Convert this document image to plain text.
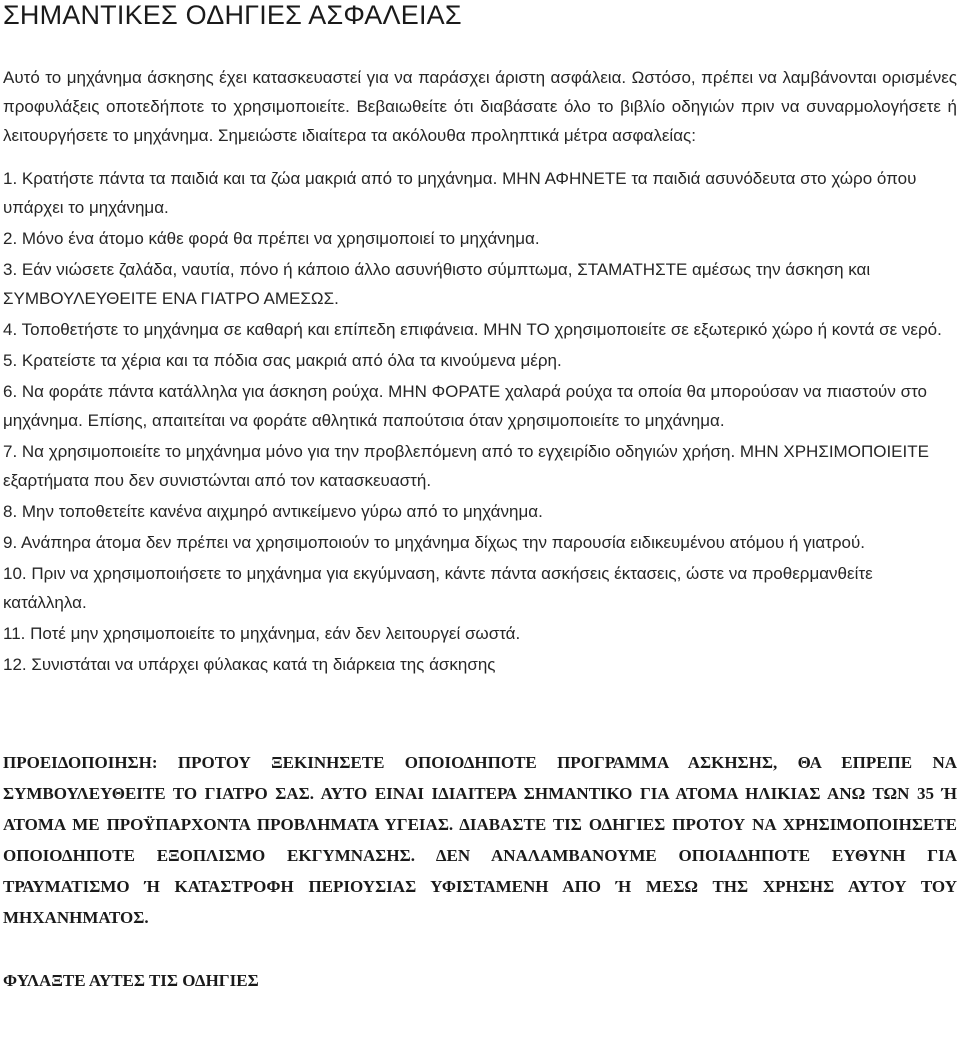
ΣΗΜΑΝΤΙΚΕΣ ΟΔΗΓΙΕΣ ΑΣΦΑΛΕΙΑΣ

Αυτό το μηχάνημα άσκησης έχει κατασκευαστεί για να παράσχει άριστη ασφάλεια. Ωστόσο, πρέπει να λαμβάνονται ορισμένες προφυλάξεις οποτεδήποτε το χρησιμοποιείτε. Βεβαιωθείτε ότι διαβάσατε όλο το βιβλίο οδηγιών πριν να συναρμολογήσετε ή λειτουργήσετε το μηχάνημα. Σημειώστε ιδιαίτερα τα ακόλουθα προληπτικά μέτρα ασφαλείας:

1. Κρατήστε πάντα τα παιδιά και τα ζώα μακριά από το μηχάνημα. ΜΗΝ ΑΦΗΝΕΤΕ τα παιδιά ασυνόδευτα στο χώρο όπου υπάρχει το μηχάνημα.
2. Μόνο ένα άτομο κάθε φορά θα πρέπει να χρησιμοποιεί το μηχάνημα.
3. Εάν νιώσετε ζαλάδα, ναυτία, πόνο ή κάποιο άλλο ασυνήθιστο σύμπτωμα, ΣΤΑΜΑΤΗΣΤΕ αμέσως την άσκηση και ΣΥΜΒΟΥΛΕΥΘΕΙΤΕ ΕΝΑ ΓΙΑΤΡΟ ΑΜΕΣΩΣ.
4. Τοποθετήστε το μηχάνημα σε καθαρή και επίπεδη επιφάνεια. ΜΗΝ ΤΟ χρησιμοποιείτε σε εξωτερικό χώρο ή κοντά σε νερό.
5. Κρατείστε τα χέρια και τα πόδια σας μακριά από όλα τα κινούμενα μέρη.
6. Να φοράτε πάντα κατάλληλα για άσκηση ρούχα. ΜΗΝ ΦΟΡΑΤΕ χαλαρά ρούχα τα οποία θα μπορούσαν να πιαστούν στο μηχάνημα. Επίσης, απαιτείται να φοράτε αθλητικά παπούτσια όταν χρησιμοποιείτε το μηχάνημα.
7. Να χρησιμοποιείτε το μηχάνημα μόνο για την προβλεπόμενη από το εγχειρίδιο οδηγιών χρήση. ΜΗΝ ΧΡΗΣΙΜΟΠΟΙΕΙΤΕ εξαρτήματα που δεν συνιστώνται από τον κατασκευαστή.
8. Μην τοποθετείτε κανένα αιχμηρό αντικείμενο γύρω από το μηχάνημα.
9. Ανάπηρα άτομα δεν πρέπει να χρησιμοποιούν το μηχάνημα δίχως την παρουσία ειδικευμένου ατόμου ή γιατρού.
10. Πριν να χρησιμοποιήσετε το μηχάνημα για εκγύμναση, κάντε πάντα ασκήσεις έκτασεις, ώστε να προθερμανθείτε κατάλληλα.
11. Ποτέ μην χρησιμοποιείτε το μηχάνημα, εάν δεν λειτουργεί σωστά.
12. Συνιστάται να υπάρχει φύλακας κατά τη διάρκεια της άσκησης

ΠΡΟΕΙΔΟΠΟΙΗΣΗ: ΠΡΟΤΟΥ ΞΕΚΙΝΗΣΕΤΕ ΟΠΟΙΟΔΗΠΟΤΕ ΠΡΟΓΡΑΜΜΑ ΑΣΚΗΣΗΣ, ΘΑ ΕΠΡΕΠΕ ΝΑ ΣΥΜΒΟΥΛΕΥΘΕΙΤΕ ΤΟ ΓΙΑΤΡΟ ΣΑΣ. ΑΥΤΟ ΕΙΝΑΙ ΙΔΙΑΙΤΕΡΑ ΣΗΜΑΝΤΙΚΟ ΓΙΑ ΑΤΟΜΑ ΗΛΙΚΙΑΣ ΑΝΩ ΤΩΝ 35 Ή ΑΤΟΜΑ ΜΕ ΠΡΟΫΠΑΡΧΟΝΤΑ ΠΡΟΒΛΗΜΑΤΑ ΥΓΕΙΑΣ. ΔΙΑΒΑΣΤΕ ΤΙΣ ΟΔΗΓΙΕΣ ΠΡΟΤΟΥ ΝΑ ΧΡΗΣΙΜΟΠΟΙΗΣΕΤΕ ΟΠΟΙΟΔΗΠΟΤΕ ΕΞΟΠΛΙΣΜΟ ΕΚΓΥΜΝΑΣΗΣ. ΔΕΝ ΑΝΑΛΑΜΒΑΝΟΥΜΕ ΟΠΟΙΑΔΗΠΟΤΕ ΕΥΘΥΝΗ ΓΙΑ ΤΡΑΥΜΑΤΙΣΜΟ Ή ΚΑΤΑΣΤΡΟΦΗ ΠΕΡΙΟΥΣΙΑΣ ΥΦΙΣΤΑΜΕΝΗ ΑΠΟ Ή ΜΕΣΩ ΤΗΣ ΧΡΗΣΗΣ ΑΥΤΟΥ ΤΟΥ ΜΗΧΑΝΗΜΑΤΟΣ.

ΦΥΛΑΞΤΕ ΑΥΤΕΣ ΤΙΣ ΟΔΗΓΙΕΣ
